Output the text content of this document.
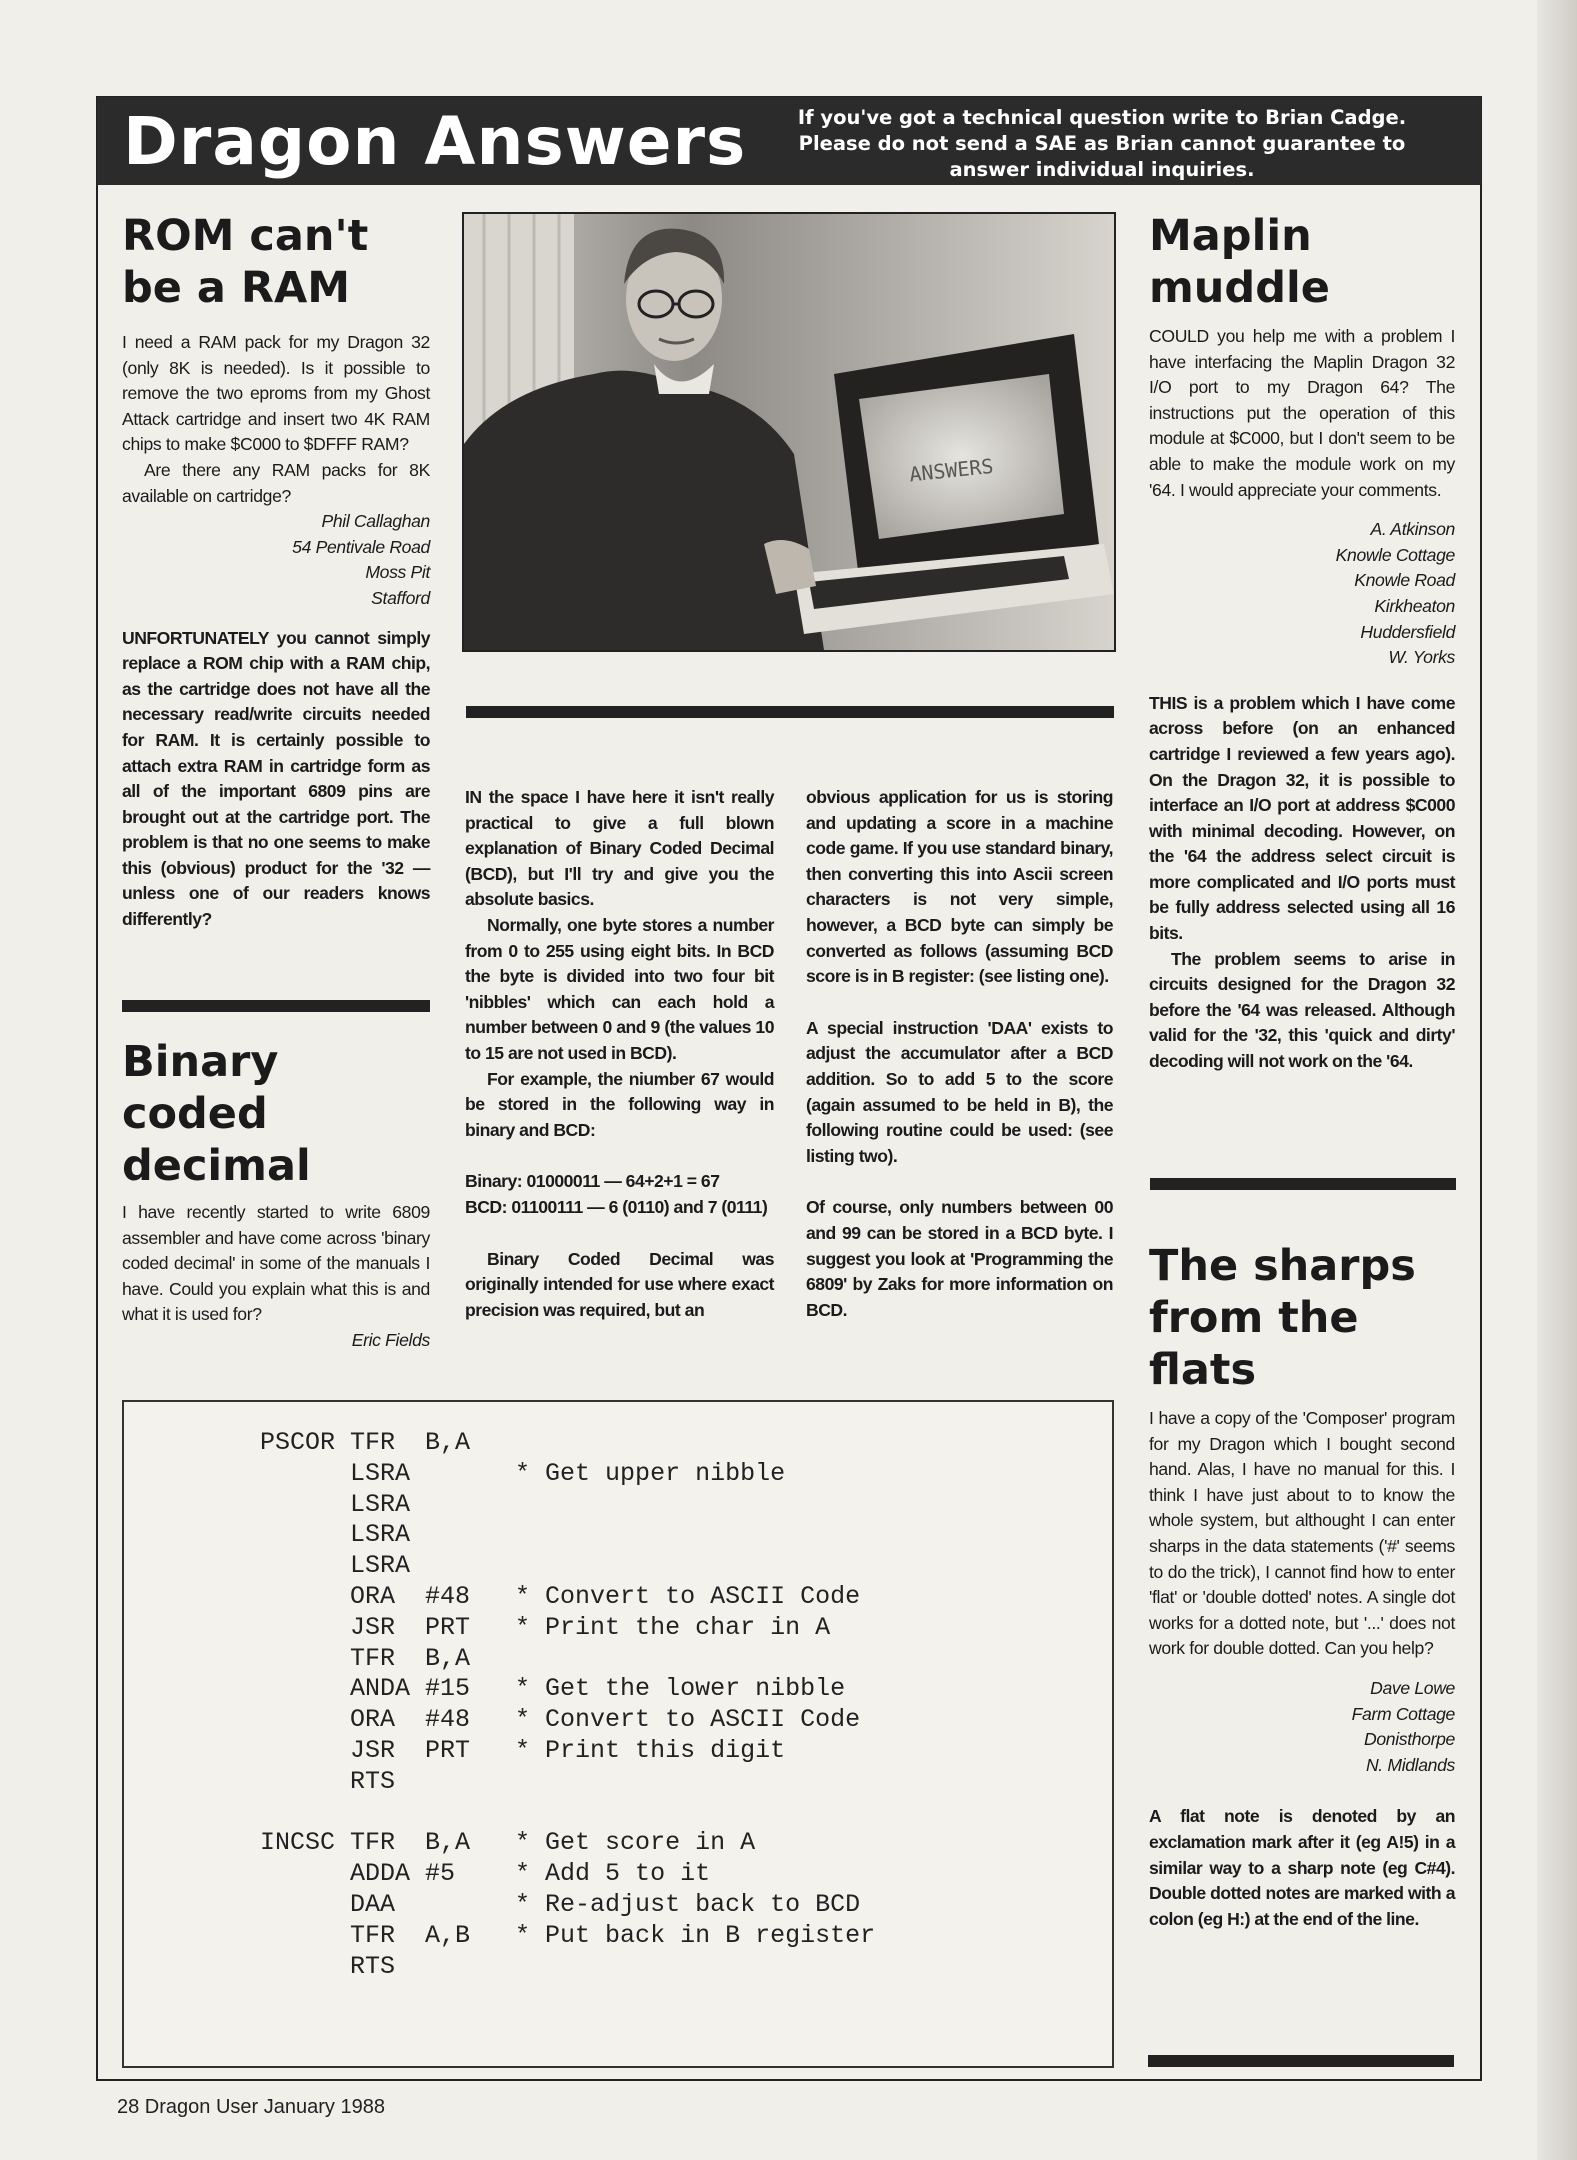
Dragon Answers	If you've got a technical question write to Brian Cadge. Please do not send a SAE as Brian cannot guarantee to answer individual inquiries.
ROM can't be a RAM

I need a RAM pack for my Dragon 32 (only 8K is needed). Is it possible to remove the two eproms from my Ghost Attack cartridge and insert two 4K RAM chips to make $C000 to $DFFF RAM?

Are there any RAM packs for 8K available on cartridge?

Phil Callaghan
54 Pentivale Road
Moss Pit
Stafford

UNFORTUNATELY you cannot simply replace a ROM chip with a RAM chip, as the cartridge does not have all the necessary read/write circuits needed for RAM. It is certainly possible to attach extra RAM in cartridge form as all of the important 6809 pins are brought out at the cartridge port. The problem is that no one seems to make this (obvious) product for the '32 — unless one of our readers knows differently?

Binary coded decimal

I have recently started to write 6809 assembler and have come across 'binary coded decimal' in some of the manuals I have. Could you explain what this is and what it is used for?

Eric Fields
ANSWERS

IN the space I have here it isn't really practical to give a full blown explanation of Binary Coded Decimal (BCD), but I'll try and give you the absolute basics.

Normally, one byte stores a number from 0 to 255 using eight bits. In BCD the byte is divided into two four bit 'nibbles' which can each hold a number between 0 and 9 (the values 10 to 15 are not used in BCD).

For example, the niumber 67 would be stored in the following way in binary and BCD:

Binary: 01000011 — 64+2+1 = 67

BCD: 01100111 — 6 (0110) and 7 (0111)

Binary Coded Decimal was originally intended for use where exact precision was required, but an

obvious application for us is storing and updating a score in a machine code game. If you use standard binary, then converting this into Ascii screen characters is not very simple, however, a BCD byte can simply be converted as follows (assuming BCD score is in B register: (see listing one).

A special instruction 'DAA' exists to adjust the accumulator after a BCD addition. So to add 5 to the score (again assumed to be held in B), the following routine could be used: (see listing two).

Of course, only numbers between 00 and 99 can be stored in a BCD byte. I suggest you look at 'Programming the 6809' by Zaks for more information on BCD.

Maplin muddle

COULD you help me with a problem I have interfacing the Maplin Dragon 32 I/O port to my Dragon 64? The instructions put the operation of this module at $C000, but I don't seem to be able to make the module work on my '64. I would appreciate your comments.

A. Atkinson
Knowle Cottage
Knowle Road
Kirkheaton
Huddersfield
W. Yorks

THIS is a problem which I have come across before (on an enhanced cartridge I reviewed a few years ago). On the Dragon 32, it is possible to interface an I/O port at address $C000 with minimal decoding. However, on the '64 the address select circuit is more complicated and I/O ports must be fully address selected using all 16 bits.

The problem seems to arise in circuits designed for the Dragon 32 before the '64 was released. Although valid for the '32, this 'quick and dirty' decoding will not work on the '64.

The sharps from the flats

I have a copy of the 'Composer' program for my Dragon which I bought second hand. Alas, I have no manual for this. I think I have just about to to know the whole system, but althought I can enter sharps in the data statements ('#' seems to do the trick), I cannot find how to enter 'flat' or 'double dotted' notes. A single dot works for a dotted note, but '...' does not work for double dotted. Can you help?

Dave Lowe
Farm Cottage
Donisthorpe
N. Midlands

A flat note is denoted by an exclamation mark after it (eg A!5) in a similar way to a sharp note (eg C#4). Double dotted notes are marked with a colon (eg H:) at the end of the line.

PSCOR TFR  B,A
LSRA       * Get upper nibble
LSRA
LSRA
LSRA
ORA  #48   * Convert to ASCII Code
JSR  PRT   * Print the char in A
TFR  B,A
ANDA #15   * Get the lower nibble
ORA  #48   * Convert to ASCII Code
JSR  PRT   * Print this digit
RTS

INCSC TFR  B,A   * Get score in A
ADDA #5    * Add 5 to it
DAA        * Re-adjust back to BCD
TFR  A,B   * Put back in B register
RTS
28 Dragon User January 1988
